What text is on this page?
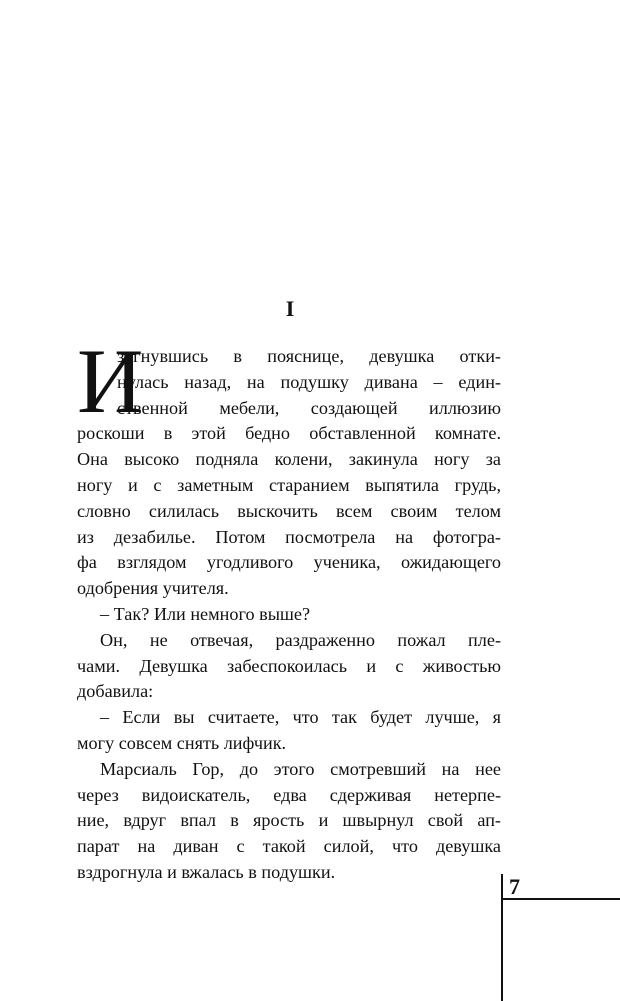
I
И
зогнувшись в пояснице, девушка отки-
нулась назад, на подушку дивана – един-
ственной мебели, создающей иллюзию
роскоши в этой бедно обставленной комнате.
Она высоко подняла колени, закинула ногу за
ногу и с заметным старанием выпятила грудь,
словно силилась выскочить всем своим телом
из дезабилье. Потом посмотрела на фотогра-
фа взглядом угодливого ученика, ожидающего
одобрения учителя.
– Так? Или немного выше?
Он, не отвечая, раздраженно пожал пле-
чами. Девушка забеспокоилась и с живостью
добавила:
– Если вы считаете, что так будет лучше, я
могу совсем снять лифчик.
Марсиаль Гор, до этого смотревший на нее
через видоискатель, едва сдерживая нетерпе-
ние, вдруг впал в ярость и швырнул свой ап-
парат на диван с такой силой, что девушка
вздрогнула и вжалась в подушки.
7
